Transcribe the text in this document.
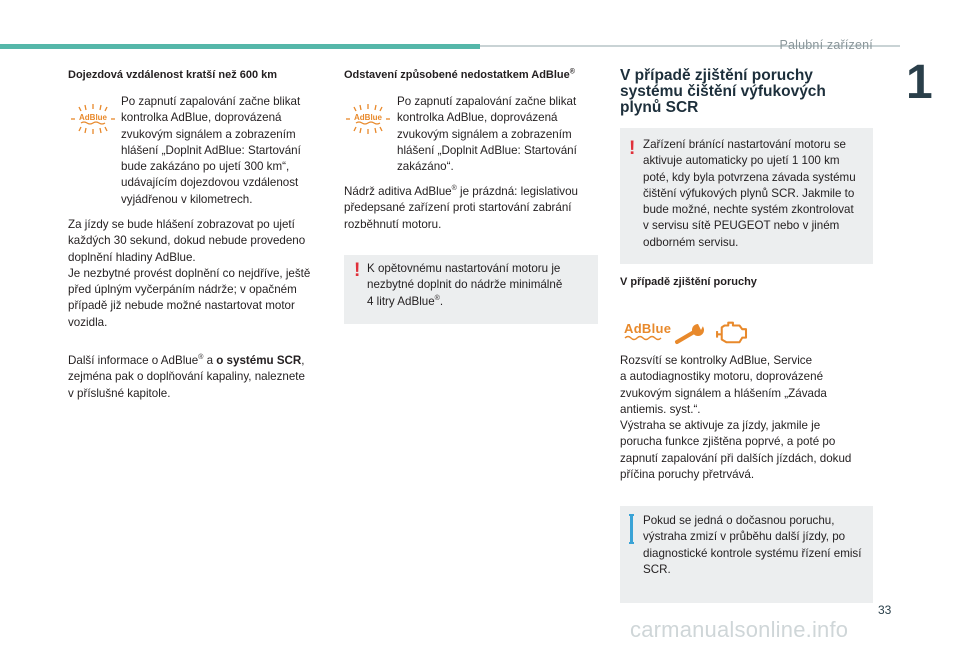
Palubní zařízení
1
Dojezdová vzdálenost kratší než 600 km
AdBlue

Po zapnutí zapalování začne blikat

kontrolka AdBlue, doprovázená

zvukovým signálem a zobrazením

hlášení „Doplnit AdBlue: Startování

bude zakázáno po ujetí 300 km“,

udávajícím dojezdovou vzdálenost

vyjádřenou v kilometrech.

Za jízdy se bude hlášení zobrazovat po ujetí

každých 30 sekund, dokud nebude provedeno

doplnění hladiny AdBlue.

Je nezbytné provést doplnění co nejdříve, ještě

před úplným vyčerpáním nádrže; v opačném

případě již nebude možné nastartovat motor

vozidla.

Další informace o AdBlue® a o systému SCR,

zejména pak o doplňování kapaliny, naleznete

v příslušné kapitole.

Odstavení způsobené nedostatkem AdBlue®
AdBlue

Po zapnutí zapalování začne blikat

kontrolka AdBlue, doprovázená

zvukovým signálem a zobrazením

hlášení „Doplnit AdBlue: Startování

zakázáno“.

Nádrž aditiva AdBlue® je prázdná: legislativou

předepsané zařízení proti startování zabrání

rozběhnutí motoru.

! K opětovnému nastartování motoru je

nezbytné doplnit do nádrže minimálně

4 litry AdBlue®.

V případě zjištění poruchy
systému čištění výfukových
plynů SCR
! Zařízení bránící nastartování motoru se

aktivuje automaticky po ujetí 1 100 km

poté, kdy byla potvrzena závada systému

čištění výfukových plynů SCR. Jakmile to

bude možné, nechte systém zkontrolovat

v servisu sítě PEUGEOT nebo v jiném

odborném servisu.

V případě zjištění poruchy
AdBlue

Rozsvítí se kontrolky AdBlue, Service

a autodiagnostiky motoru, doprovázené

zvukovým signálem a hlášením „Závada

antiemis. syst.“.

Výstraha se aktivuje za jízdy, jakmile je

porucha funkce zjištěna poprvé, a poté po

zapnutí zapalování při dalších jízdách, dokud

příčina poruchy přetrvává.

Pokud se jedná o dočasnou poruchu,

výstraha zmizí v průběhu další jízdy, po

diagnostické kontrole systému řízení emisí

SCR.

33
carmanualsonline.info
